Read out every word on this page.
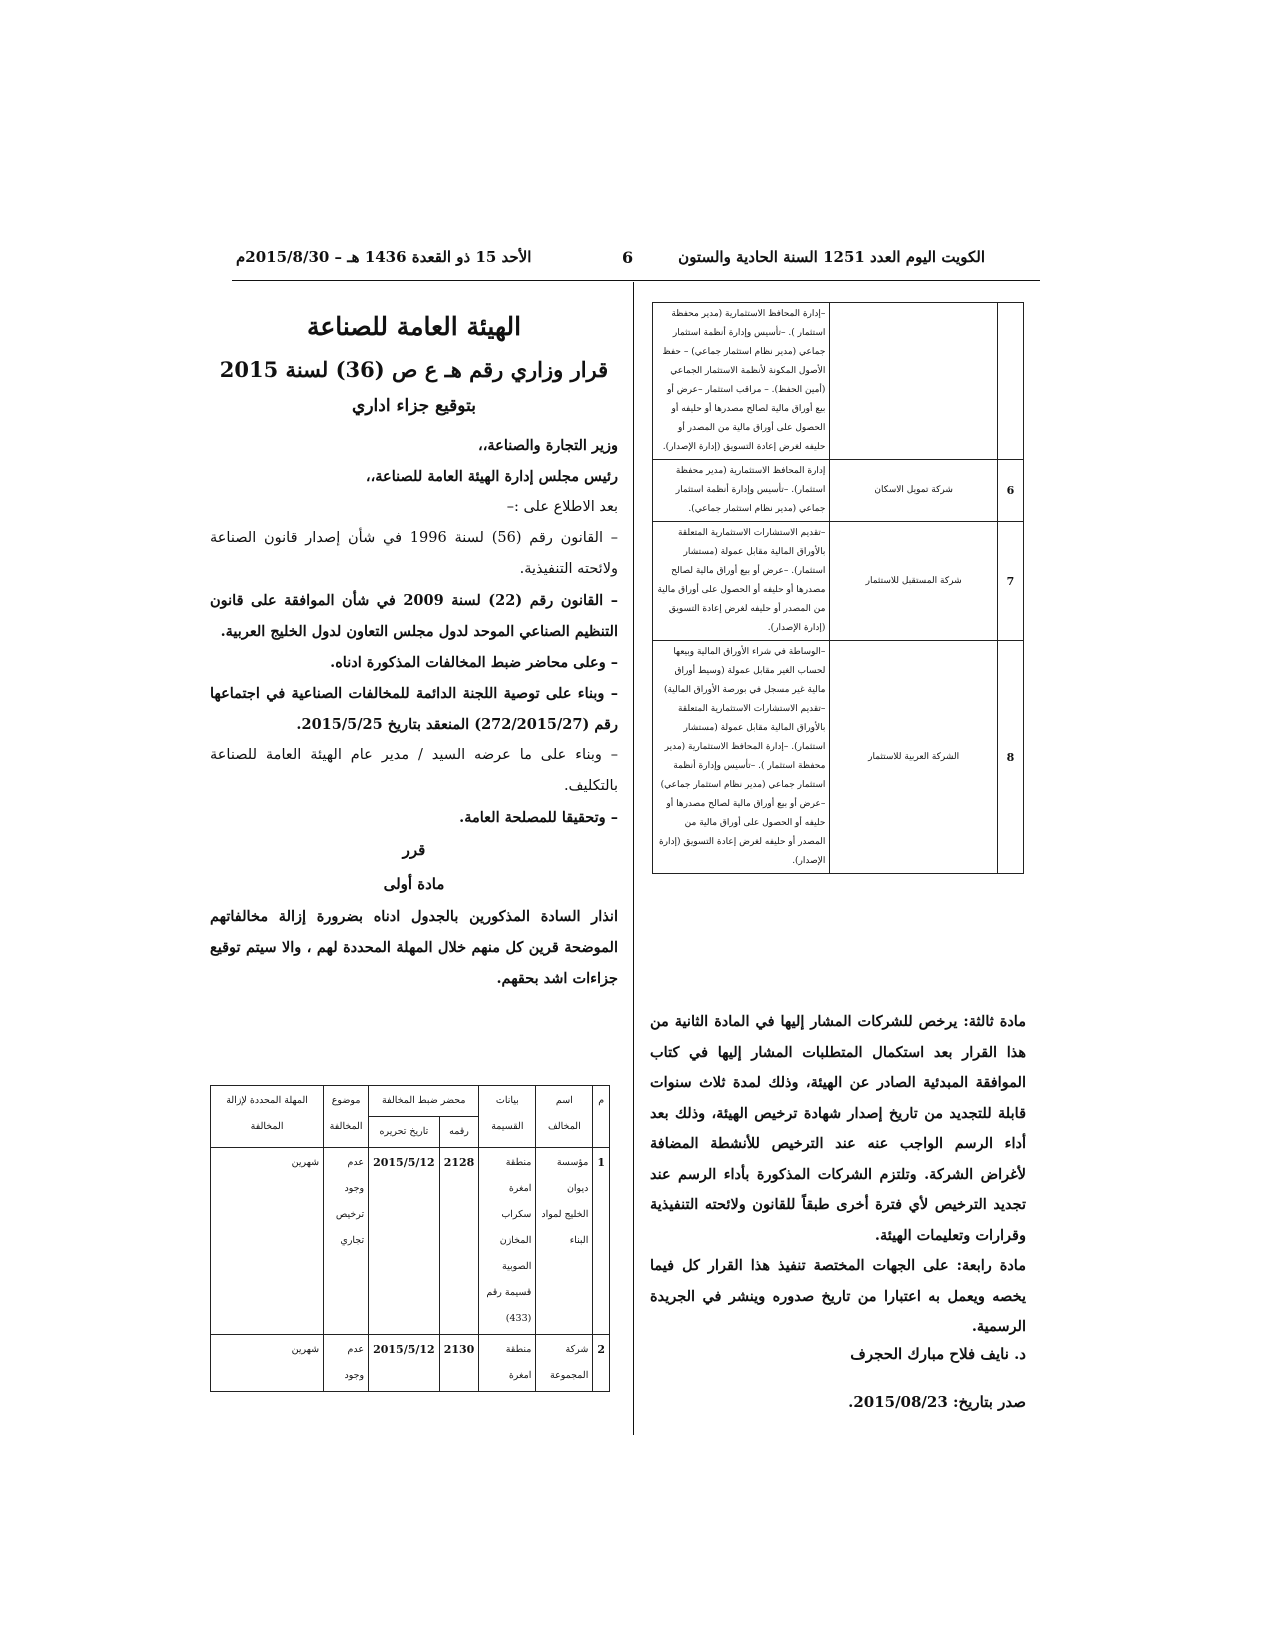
الكويت اليوم العدد 1251 السنة الحادية والستون
6
الأحد 15 ذو القعدة 1436 هـ – 2015/8/30م
		–إدارة المحافظ الاستثمارية (مدير محفظة استثمار ). –تأسيس وإدارة أنظمة استثمار جماعي (مدير نظام استثمار جماعي) – حفظ الأصول المكونة لأنظمة الاستثمار الجماعي (أمين الحفظ). – مراقب استثمار –عرض أو بيع أوراق مالية لصالح مصدرها أو حليفه أو الحصول على أوراق مالية من المصدر أو حليفه لغرض إعادة التسويق (إدارة الإصدار).
6	شركة تمويل الاسكان	إدارة المحافظ الاستثمارية (مدير محفظة استثمار). –تأسيس وإدارة أنظمة استثمار جماعي (مدير نظام استثمار جماعي).
7	شركة المستقبل للاستثمار	–تقديم الاستشارات الاستثمارية المتعلقة بالأوراق المالية مقابل عمولة (مستشار استثمار). –عرض أو بيع أوراق مالية لصالح مصدرها أو حليفه أو الحصول على أوراق مالية من المصدر أو حليفه لغرض إعادة التسويق (إدارة الإصدار).
8	الشركة العربية للاستثمار	–الوساطة في شراء الأوراق المالية وبيعها لحساب الغير مقابل عمولة (وسيط أوراق مالية غير مسجل في بورصة الأوراق المالية) –تقديم الاستشارات الاستثمارية المتعلقة بالأوراق المالية مقابل عمولة (مستشار استثمار). –إدارة المحافظ الاستثمارية (مدير محفظة استثمار ). –تأسيس وإدارة أنظمة استثمار جماعي (مدير نظام استثمار جماعي) –عرض أو بيع أوراق مالية لصالح مصدرها أو حليفه أو الحصول على أوراق مالية من المصدر أو حليفه لغرض إعادة التسويق (إدارة الإصدار).
الهيئة العامة للصناعة
قرار وزاري رقم هـ ع ص (36) لسنة 2015
بتوقيع جزاء اداري

وزير التجارة والصناعة،،

رئيس مجلس إدارة الهيئة العامة للصناعة،،

بعد الاطلاع على :–

– القانون رقم (56) لسنة 1996 في شأن إصدار قانون الصناعة ولائحته التنفيذية.

– القانون رقم (22) لسنة 2009 في شأن الموافقة على قانون التنظيم الصناعي الموحد لدول مجلس التعاون لدول الخليج العربية.

– وعلى محاضر ضبط المخالفات المذكورة ادناه.

– وبناء على توصية اللجنة الدائمة للمخالفات الصناعية في اجتماعها رقم (272/2015/27) المنعقد بتاريخ 2015/5/25.

– وبناء على ما عرضه السيد / مدير عام الهيئة العامة للصناعة بالتكليف.

– وتحقيقا للمصلحة العامة.

قرر
مادة أولى

انذار السادة المذكورين بالجدول ادناه بضرورة إزالة مخالفاتهم الموضحة قرين كل منهم خلال المهلة المحددة لهم ، والا سيتم توقيع جزاءات اشد بحقهم.

م	اسم المخالف	بيانات القسيمة	محضر ضبط المخالفة		موضوع المخالفة	المهلة المحددة لإزالة المخالفة
			رقمه	تاريخ تحريره		
1	مؤسسة ديوان الخليج لمواد البناء	منطقة امغرة سكراب المخازن الصوبية قسيمة رقم (433)	2128	2015/5/12	عدم وجود ترخيص تجاري	شهرين
2	شركة المجموعة	منطقة امغرة	2130	2015/5/12	عدم وجود	شهرين

مادة ثالثة: يرخص للشركات المشار إليها في المادة الثانية من هذا القرار بعد استكمال المتطلبات المشار إليها في كتاب الموافقة المبدئية الصادر عن الهيئة، وذلك لمدة ثلاث سنوات قابلة للتجديد من تاريخ إصدار شهادة ترخيص الهيئة، وذلك بعد أداء الرسم الواجب عنه عند الترخيص للأنشطة المضافة لأغراض الشركة. وتلتزم الشركات المذكورة بأداء الرسم عند تجديد الترخيص لأي فترة أخرى طبقاً للقانون ولائحته التنفيذية وقرارات وتعليمات الهيئة.

مادة رابعة: على الجهات المختصة تنفيذ هذا القرار كل فيما يخصه ويعمل به اعتبارا من تاريخ صدوره وينشر في الجريدة الرسمية.

د. نايف فلاح مبارك الحجرف
صدر بتاريخ: 2015/08/23.
